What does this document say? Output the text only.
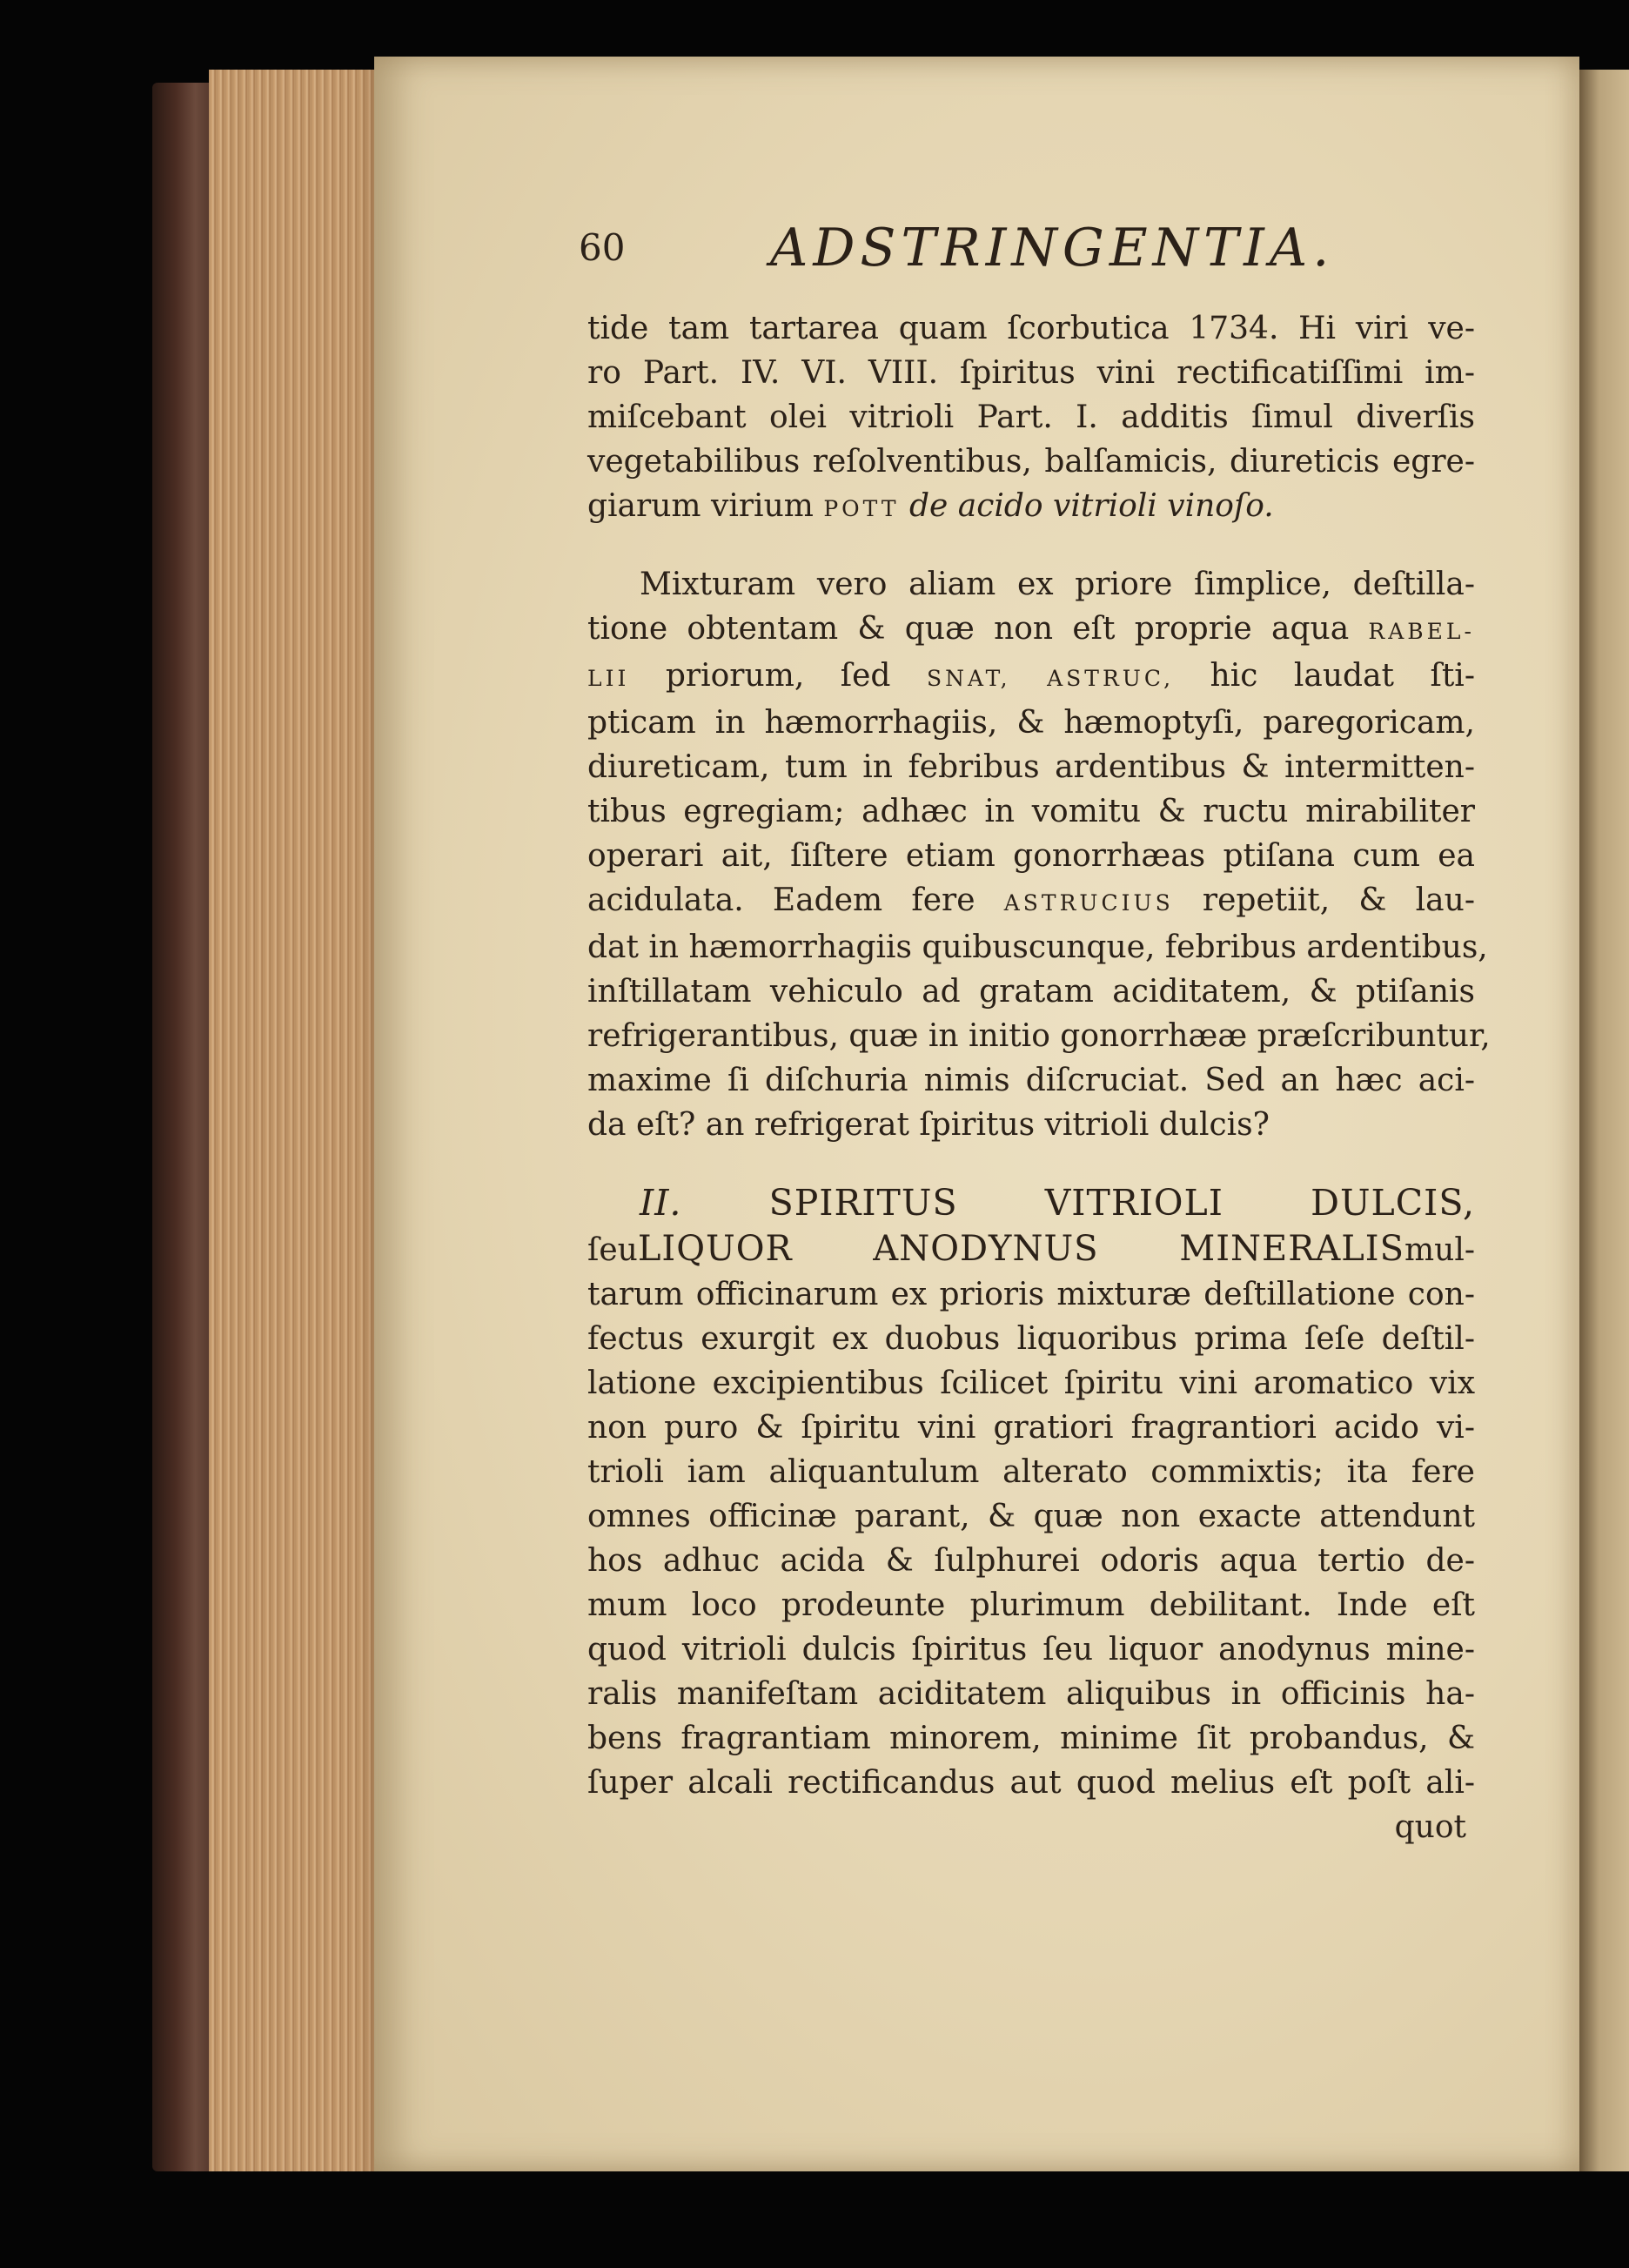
60	ADSTRINGENTIA.
tide tam tartarea quam ſcorbutica 1734. Hi viri ve-
ro Part. IV. VI. VIII. ſpiritus vini rectificatiſſimi im-
miſcebant olei vitrioli Part. I. additis ſimul diverſis
vegetabilibus reſolventibus, balſamicis, diureticis egre-
giarum virium POTT de acido vitrioli vinoſo.
Mixturam vero aliam ex priore ſimplice, deſtilla-
tione obtentam & quæ non eſt proprie aqua RABEL-
LII priorum, ſed SNAT, ASTRUC, hic laudat ſti-
pticam in hæmorrhagiis, & hæmoptyſi, paregoricam,
diureticam, tum in febribus ardentibus & intermitten-
tibus egregiam; adhæc in vomitu & ructu mirabiliter
operari ait, ſiſtere etiam gonorrhæas ptiſana cum ea
acidulata. Eadem fere ASTRUCIUS repetiit, & lau-
dat in hæmorrhagiis quibuscunque, febribus ardentibus,
inſtillatam vehiculo ad gratam aciditatem, & ptiſanis
refrigerantibus, quæ in initio gonorrhææ præſcribuntur,
maxime ſi diſchuria nimis diſcruciat. Sed an hæc aci-
da eſt? an refrigerat ſpiritus vitrioli dulcis?
II. SPIRITUS VITRIOLI DULCIS,
ſeuLIQUOR ANODYNUS MINERALISmul-
tarum officinarum ex prioris mixturæ deſtillatione con-
fectus exurgit ex duobus liquoribus prima ſeſe deſtil-
latione excipientibus ſcilicet ſpiritu vini aromatico vix
non puro & ſpiritu vini gratiori fragrantiori acido vi-
trioli iam aliquantulum alterato commixtis; ita fere
omnes officinæ parant, & quæ non exacte attendunt
hos adhuc acida & ſulphurei odoris aqua tertio de-
mum loco prodeunte plurimum debilitant. Inde eſt
quod vitrioli dulcis ſpiritus ſeu liquor anodynus mine-
ralis manifeſtam aciditatem aliquibus in officinis ha-
bens fragrantiam minorem, minime ſit probandus, &
ſuper alcali rectificandus aut quod melius eſt poſt ali-
quot
